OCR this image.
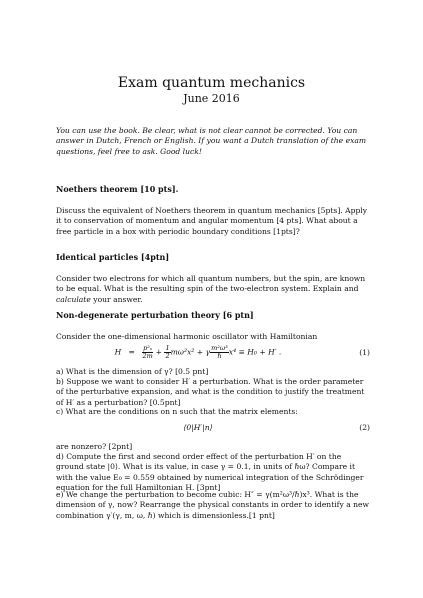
Exam quantum mechanics
June 2016
You can use the book. Be clear, what is not clear cannot be corrected. You can answer in Dutch, French or English. If you want a Dutch translation of the exam questions, feel free to ask. Good luck!
Noethers theorem [10 pts].
Discuss the equivalent of Noethers theorem in quantum mechanics [5pts]. Apply it to conservation of momentum and angular momentum [4 pts]. What about a free particle in a box with periodic boundary conditions [1pts]?
Identical particles [4ptn]
Consider two electrons for which all quantum numbers, but the spin, are known to be equal. What is the resulting spin of the two-electron system. Explain and calculate your answer.
Non-degenerate perturbation theory [6 ptn]
Consider the one-dimensional harmonic oscillator with Hamiltonian
$H = \frac{\text{p²ₓ}}{2m} + \frac{1}{2} m\omega^2x^2 + \gamma \frac{\text{m²ω³}}{\text{ℏ}} x^4 \equiv H_0 + H'$ .	(1)
a) What is the dimension of γ? [0.5 pnt]
b) Suppose we want to consider H′ a perturbation. What is the order parameter of the perturbative expansion, and what is the condition to justify the treatment of H′ as a perturbation? [0.5pnt]
c) What are the conditions on n such that the matrix elements:
⟨0|H′|n⟩	(2)
are nonzero? [2pnt]
d) Compute the first and second order effect of the perturbation H′ on the ground state |0⟩. What is its value, in case γ = 0.1, in units of ℏω? Compare it with the value E₀ = 0.559 obtained by numerical integration of the Schrödinger equation for the full Hamiltonian H. [3pnt]
e) We change the perturbation to become cubic: H″ = γ(m²ω³/ℏ)x³. What is the dimension of γ, now? Rearrange the physical constants in order to identify a new combination γ′(γ, m, ω, ℏ) which is dimensionless.[1 pnt]
